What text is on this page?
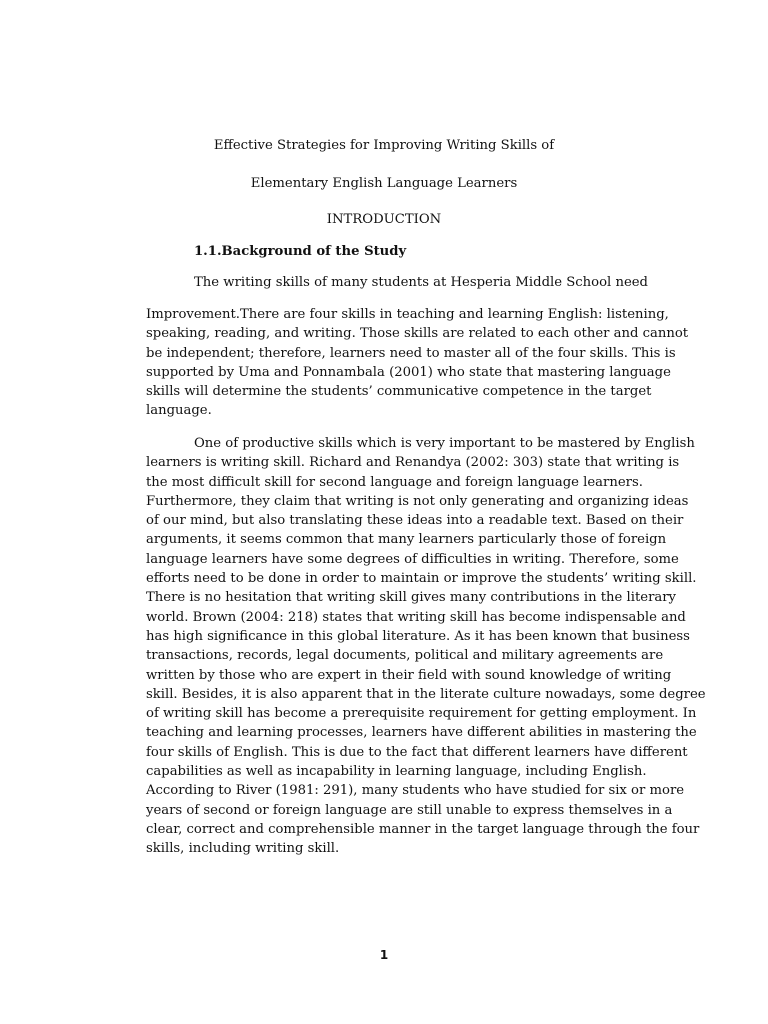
Effective Strategies for Improving Writing Skills of
Elementary English Language Learners
INTRODUCTION
1.1.Background of the Study
The writing skills of many students at Hesperia Middle School need
Improvement.There are four skills in teaching and learning English: listening,
speaking, reading, and writing. Those skills are related to each other and cannot
be independent; therefore, learners need to master all of the four skills. This is
supported by Uma and Ponnambala (2001) who state that mastering language
skills will determine the students’ communicative competence in the target
language.
One of productive skills which is very important to be mastered by English
learners is writing skill. Richard and Renandya (2002: 303) state that writing is
the most difficult skill for second language and foreign language learners.
Furthermore, they claim that writing is not only generating and organizing ideas
of our mind, but also translating these ideas into a readable text. Based on their
arguments, it seems common that many learners particularly those of foreign
language learners have some degrees of difficulties in writing. Therefore, some
efforts need to be done in order to maintain or improve the students’ writing skill.
There is no hesitation that writing skill gives many contributions in the literary
world. Brown (2004: 218) states that writing skill has become indispensable and
has high significance in this global literature. As it has been known that business
transactions, records, legal documents, political and military agreements are
written by those who are expert in their field with sound knowledge of writing
skill. Besides, it is also apparent that in the literate culture nowadays, some degree
of writing skill has become a prerequisite requirement for getting employment. In
teaching and learning processes, learners have different abilities in mastering the
four skills of English. This is due to the fact that different learners have different
capabilities as well as incapability in learning language, including English.
According to River (1981: 291), many students who have studied for six or more
years of second or foreign language are still unable to express themselves in a
clear, correct and comprehensible manner in the target language through the four
skills, including writing skill.
1
